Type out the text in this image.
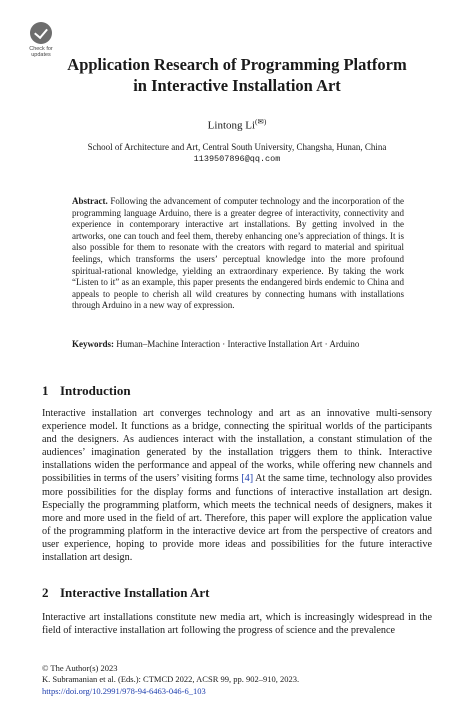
Check for
updates	Application Research of Programming Platform
in Interactive Installation Art
Lintong Li(✉)
School of Architecture and Art, Central South University, Changsha, Hunan, China
1139507896@qq.com
Abstract. Following the advancement of computer technology and the incorporation of the programming language Arduino, there is a greater degree of interactivity, connectivity and experience in contemporary interactive art installations. By getting involved in the artworks, one can touch and feel them, thereby enhancing one’s appreciation of things. It is also possible for them to resonate with the creators with regard to material and spiritual feelings, which transforms the users’ perceptual knowledge into the more profound spiritual-rational knowledge, yielding an extraordinary experience. By taking the work “Listen to it” as an example, this paper presents the endangered birds endemic to China and appeals to people to cherish all wild creatures by connecting humans with installations through Arduino in a new way of expression.
Keywords: Human–Machine Interaction · Interactive Installation Art · Arduino
1 Introduction
Interactive installation art converges technology and art as an innovative multi-sensory experience model. It functions as a bridge, connecting the spiritual worlds of the participants and the designers. As audiences interact with the installation, a constant stimulation of the audiences’ imagination generated by the installation triggers them to think. Interactive installations widen the performance and appeal of the works, while offering new channels and possibilities in terms of the users’ visiting forms [4] At the same time, technology also provides more possibilities for the display forms and functions of interactive installation art design. Especially the programming platform, which meets the technical needs of designers, makes it more and more used in the field of art. Therefore, this paper will explore the application value of the programming platform in the interactive device art from the perspective of creators and user experience, hoping to provide more ideas and possibilities for the future interactive installation art design.
2 Interactive Installation Art
Interactive art installations constitute new media art, which is increasingly widespread in the field of interactive installation art following the progress of science and the prevalence
© The Author(s) 2023
K. Subramanian et al. (Eds.): CTMCD 2022, ACSR 99, pp. 902–910, 2023.
https://doi.org/10.2991/978-94-6463-046-6_103
